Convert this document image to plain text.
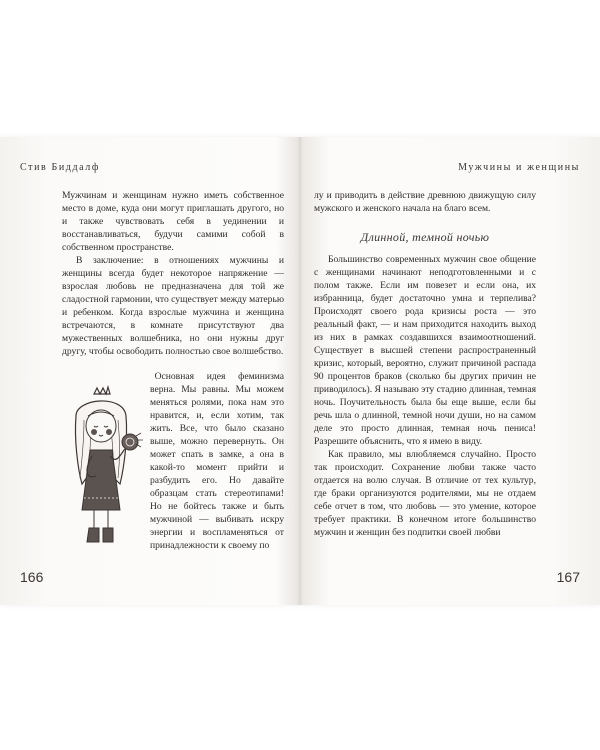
Стив Биддалф

Мужчинам и женщинам нужно иметь собственное место в доме, куда они могут приглашать другого, но и также чувствовать себя в уединении и восстанавливаться, будучи самими собой в собственном пространстве.

В заключение: в отношениях мужчины и женщины всегда будет некоторое напряжение — взрослая любовь не предназначена для той же сладостной гармонии, что существует между матерью и ребенком. Когда взрослые мужчина и женщина встречаются, в комнате присутствуют два мужественных волшебника, но они нужны друг другу, чтобы освободить полностью свое волшебство.

Основная идея феминизма верна. Мы равны. Мы можем меняться ролями, пока нам это нравится, и, если хотим, так жить. Все, что было сказано выше, можно перевернуть. Он может спать в замке, а она в какой-то момент прийти и разбудить его. Но давайте образцам стать стереотипами! Но не бойтесь также и быть мужчиной — выбивать искру энергии и воспламеняться от принадлежности к своему по

166
Мужчины и женщины

лу и приводить в действие древнюю движущую силу мужского и женского начала на благо всем.

Длинной, темной ночью

Большинство современных мужчин свое общение с женщинами начинают неподготовленными и с полом также. Если им повезет и если она, их избранница, будет достаточно умна и терпелива? Происходят своего рода кризисы роста — это реальный факт, — и нам приходится находить выход из них в рамках создавшихся взаимоотношений. Существует в высшей степени распространенный кризис, который, вероятно, служит причиной распада 90 процентов браков (сколько бы других причин не приводилось). Я называю эту стадию длинная, темная ночь. Поучительность была бы еще выше, если бы речь шла о длинной, темной ночи души, но на самом деле это просто длинная, темная ночь пениса! Разрешите объяснить, что я имею в виду.

Как правило, мы влюбляемся случайно. Просто так происходит. Сохранение любви также часто отдается на волю случая. В отличие от тех культур, где браки организуются родителями, мы не отдаем себе отчет в том, что любовь — это умение, которое требует практики. В конечном итоге большинство мужчин и женщин без подпитки своей любви

167
